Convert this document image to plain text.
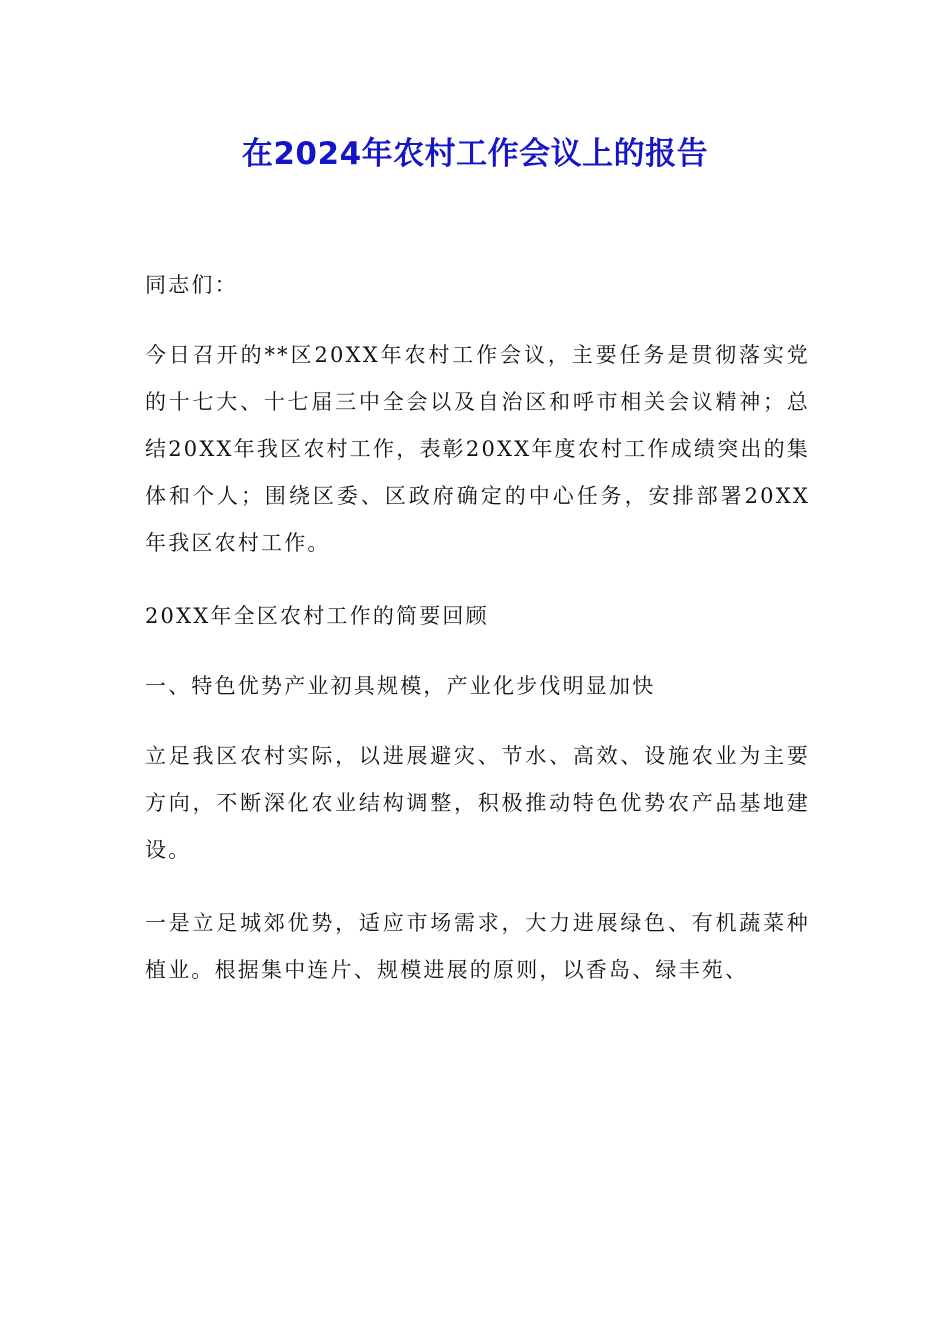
在2024年农村工作会议上的报告

同志们：

今日召开的**区20XX年农村工作会议，主要任务是贯彻落实党的十七大、十七届三中全会以及自治区和呼市相关会议精神；总结20XX年我区农村工作，表彰20XX年度农村工作成绩突出的集体和个人；围绕区委、区政府确定的中心任务，安排部署20XX年我区农村工作。

20XX年全区农村工作的简要回顾

一、特色优势产业初具规模，产业化步伐明显加快

立足我区农村实际，以进展避灾、节水、高效、设施农业为主要方向，不断深化农业结构调整，积极推动特色优势农产品基地建设。

一是立足城郊优势，适应市场需求，大力进展绿色、有机蔬菜种植业。根据集中连片、规模进展的原则，以香岛、绿丰苑、
